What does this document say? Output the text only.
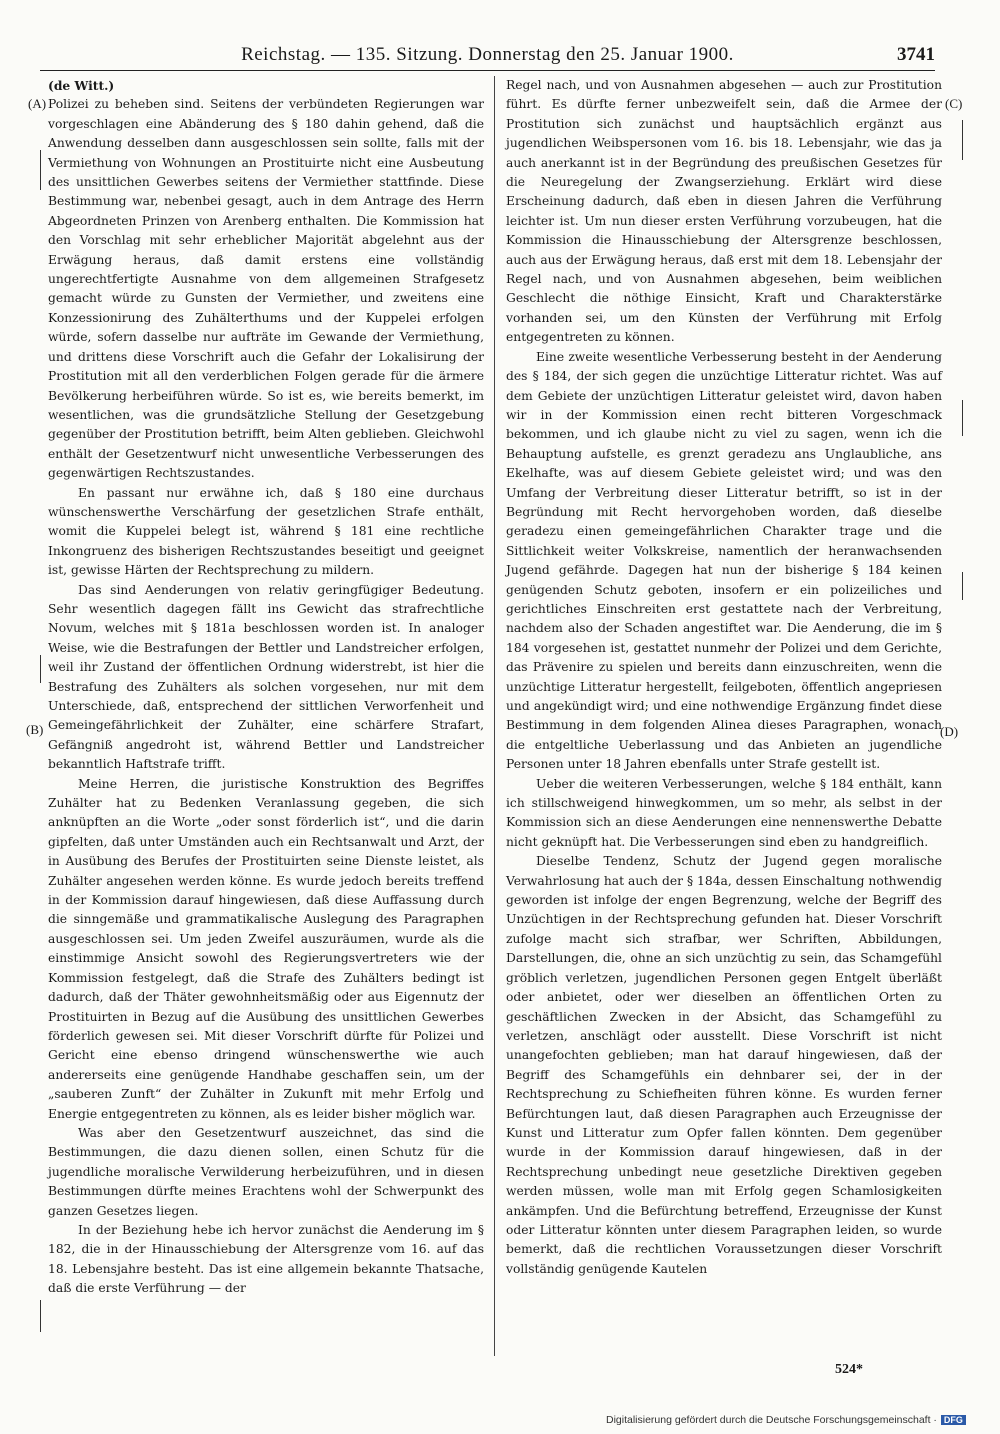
Reichstag. — 135. Sitzung. Donnerstag den 25. Januar 1900.	3741
(A)
(B)
(C)
(D)

(de Witt.)

Polizei zu beheben sind. Seitens der verbündeten Regierungen war vorgeschlagen eine Abänderung des § 180 dahin gehend, daß die Anwendung desselben dann ausgeschlossen sein sollte, falls mit der Vermiethung von Wohnungen an Prostituirte nicht eine Ausbeutung des unsittlichen Gewerbes seitens der Vermiether stattfinde. Diese Bestimmung war, nebenbei gesagt, auch in dem Antrage des Herrn Abgeordneten Prinzen von Arenberg enthalten. Die Kommission hat den Vorschlag mit sehr erheblicher Majorität abgelehnt aus der Erwägung heraus, daß damit erstens eine vollständig ungerechtfertigte Ausnahme von dem allgemeinen Strafgesetz gemacht würde zu Gunsten der Vermiether, und zweitens eine Konzessionirung des Zuhälterthums und der Kuppelei erfolgen würde, sofern dasselbe nur aufträte im Gewande der Vermiethung, und drittens diese Vorschrift auch die Gefahr der Lokalisirung der Prostitution mit all den verderblichen Folgen gerade für die ärmere Bevölkerung herbeiführen würde. So ist es, wie bereits bemerkt, im wesentlichen, was die grundsätzliche Stellung der Gesetzgebung gegenüber der Prostitution betrifft, beim Alten geblieben. Gleichwohl enthält der Gesetzentwurf nicht unwesentliche Verbesserungen des gegenwärtigen Rechtszustandes.

En passant nur erwähne ich, daß § 180 eine durchaus wünschenswerthe Verschärfung der gesetzlichen Strafe enthält, womit die Kuppelei belegt ist, während § 181 eine rechtliche Inkongruenz des bisherigen Rechtszustandes beseitigt und geeignet ist, gewisse Härten der Rechtsprechung zu mildern.

Das sind Aenderungen von relativ geringfügiger Bedeutung. Sehr wesentlich dagegen fällt ins Gewicht das strafrechtliche Novum, welches mit § 181a beschlossen worden ist. In analoger Weise, wie die Bestrafungen der Bettler und Landstreicher erfolgen, weil ihr Zustand der öffentlichen Ordnung widerstrebt, ist hier die Bestrafung des Zuhälters als solchen vorgesehen, nur mit dem Unterschiede, daß, entsprechend der sittlichen Verworfenheit und Gemeingefährlichkeit der Zuhälter, eine schärfere Strafart, Gefängniß angedroht ist, während Bettler und Landstreicher bekanntlich Haftstrafe trifft.

Meine Herren, die juristische Konstruktion des Begriffes Zuhälter hat zu Bedenken Veranlassung gegeben, die sich anknüpften an die Worte „oder sonst förderlich ist“, und die darin gipfelten, daß unter Umständen auch ein Rechtsanwalt und Arzt, der in Ausübung des Berufes der Prostituirten seine Dienste leistet, als Zuhälter angesehen werden könne. Es wurde jedoch bereits treffend in der Kommission darauf hingewiesen, daß diese Auffassung durch die sinngemäße und grammatikalische Auslegung des Paragraphen ausgeschlossen sei. Um jeden Zweifel auszuräumen, wurde als die einstimmige Ansicht sowohl des Regierungsvertreters wie der Kommission festgelegt, daß die Strafe des Zuhälters bedingt ist dadurch, daß der Thäter gewohnheitsmäßig oder aus Eigennutz der Prostituirten in Bezug auf die Ausübung des unsittlichen Gewerbes förderlich gewesen sei. Mit dieser Vorschrift dürfte für Polizei und Gericht eine ebenso dringend wünschenswerthe wie auch andererseits eine genügende Handhabe geschaffen sein, um der „sauberen Zunft“ der Zuhälter in Zukunft mit mehr Erfolg und Energie entgegentreten zu können, als es leider bisher möglich war.

Was aber den Gesetzentwurf auszeichnet, das sind die Bestimmungen, die dazu dienen sollen, einen Schutz für die jugendliche moralische Verwilderung herbeizuführen, und in diesen Bestimmungen dürfte meines Erachtens wohl der Schwerpunkt des ganzen Gesetzes liegen.

In der Beziehung hebe ich hervor zunächst die Aenderung im § 182, die in der Hinausschiebung der Altersgrenze vom 16. auf das 18. Lebensjahre besteht. Das ist eine allgemein bekannte Thatsache, daß die erste Verführung — der

Regel nach, und von Ausnahmen abgesehen — auch zur Prostitution führt. Es dürfte ferner unbezweifelt sein, daß die Armee der Prostitution sich zunächst und hauptsächlich ergänzt aus jugendlichen Weibspersonen vom 16. bis 18. Lebensjahr, wie das ja auch anerkannt ist in der Begründung des preußischen Gesetzes für die Neuregelung der Zwangserziehung. Erklärt wird diese Erscheinung dadurch, daß eben in diesen Jahren die Verführung leichter ist. Um nun dieser ersten Verführung vorzubeugen, hat die Kommission die Hinausschiebung der Altersgrenze beschlossen, auch aus der Erwägung heraus, daß erst mit dem 18. Lebensjahr der Regel nach, und von Ausnahmen abgesehen, beim weiblichen Geschlecht die nöthige Einsicht, Kraft und Charakterstärke vorhanden sei, um den Künsten der Verführung mit Erfolg entgegentreten zu können.

Eine zweite wesentliche Verbesserung besteht in der Aenderung des § 184, der sich gegen die unzüchtige Litteratur richtet. Was auf dem Gebiete der unzüchtigen Litteratur geleistet wird, davon haben wir in der Kommission einen recht bitteren Vorgeschmack bekommen, und ich glaube nicht zu viel zu sagen, wenn ich die Behauptung aufstelle, es grenzt geradezu ans Unglaubliche, ans Ekelhafte, was auf diesem Gebiete geleistet wird; und was den Umfang der Verbreitung dieser Litteratur betrifft, so ist in der Begründung mit Recht hervorgehoben worden, daß dieselbe geradezu einen gemeingefährlichen Charakter trage und die Sittlichkeit weiter Volkskreise, namentlich der heranwachsenden Jugend gefährde. Dagegen hat nun der bisherige § 184 keinen genügenden Schutz geboten, insofern er ein polizeiliches und gerichtliches Einschreiten erst gestattete nach der Verbreitung, nachdem also der Schaden angestiftet war. Die Aenderung, die im § 184 vorgesehen ist, gestattet nunmehr der Polizei und dem Gerichte, das Prävenire zu spielen und bereits dann einzuschreiten, wenn die unzüchtige Litteratur hergestellt, feilgeboten, öffentlich angepriesen und angekündigt wird; und eine nothwendige Ergänzung findet diese Bestimmung in dem folgenden Alinea dieses Paragraphen, wonach die entgeltliche Ueberlassung und das Anbieten an jugendliche Personen unter 18 Jahren ebenfalls unter Strafe gestellt ist.

Ueber die weiteren Verbesserungen, welche § 184 enthält, kann ich stillschweigend hinwegkommen, um so mehr, als selbst in der Kommission sich an diese Aenderungen eine nennenswerthe Debatte nicht geknüpft hat. Die Verbesserungen sind eben zu handgreiflich.

Dieselbe Tendenz, Schutz der Jugend gegen moralische Verwahrlosung hat auch der § 184a, dessen Einschaltung nothwendig geworden ist infolge der engen Begrenzung, welche der Begriff des Unzüchtigen in der Rechtsprechung gefunden hat. Dieser Vorschrift zufolge macht sich strafbar, wer Schriften, Abbildungen, Darstellungen, die, ohne an sich unzüchtig zu sein, das Schamgefühl gröblich verletzen, jugendlichen Personen gegen Entgelt überläßt oder anbietet, oder wer dieselben an öffentlichen Orten zu geschäftlichen Zwecken in der Absicht, das Schamgefühl zu verletzen, anschlägt oder ausstellt. Diese Vorschrift ist nicht unangefochten geblieben; man hat darauf hingewiesen, daß der Begriff des Schamgefühls ein dehnbarer sei, der in der Rechtsprechung zu Schiefheiten führen könne. Es wurden ferner Befürchtungen laut, daß diesen Paragraphen auch Erzeugnisse der Kunst und Litteratur zum Opfer fallen könnten. Dem gegenüber wurde in der Kommission darauf hingewiesen, daß in der Rechtsprechung unbedingt neue gesetzliche Direktiven gegeben werden müssen, wolle man mit Erfolg gegen Schamlosigkeiten ankämpfen. Und die Befürchtung betreffend, Erzeugnisse der Kunst oder Litteratur könnten unter diesem Paragraphen leiden, so wurde bemerkt, daß die rechtlichen Voraussetzungen dieser Vorschrift vollständig genügende Kautelen

524*
Digitalisierung gefördert durch die Deutsche Forschungsgemeinschaft · DFG
